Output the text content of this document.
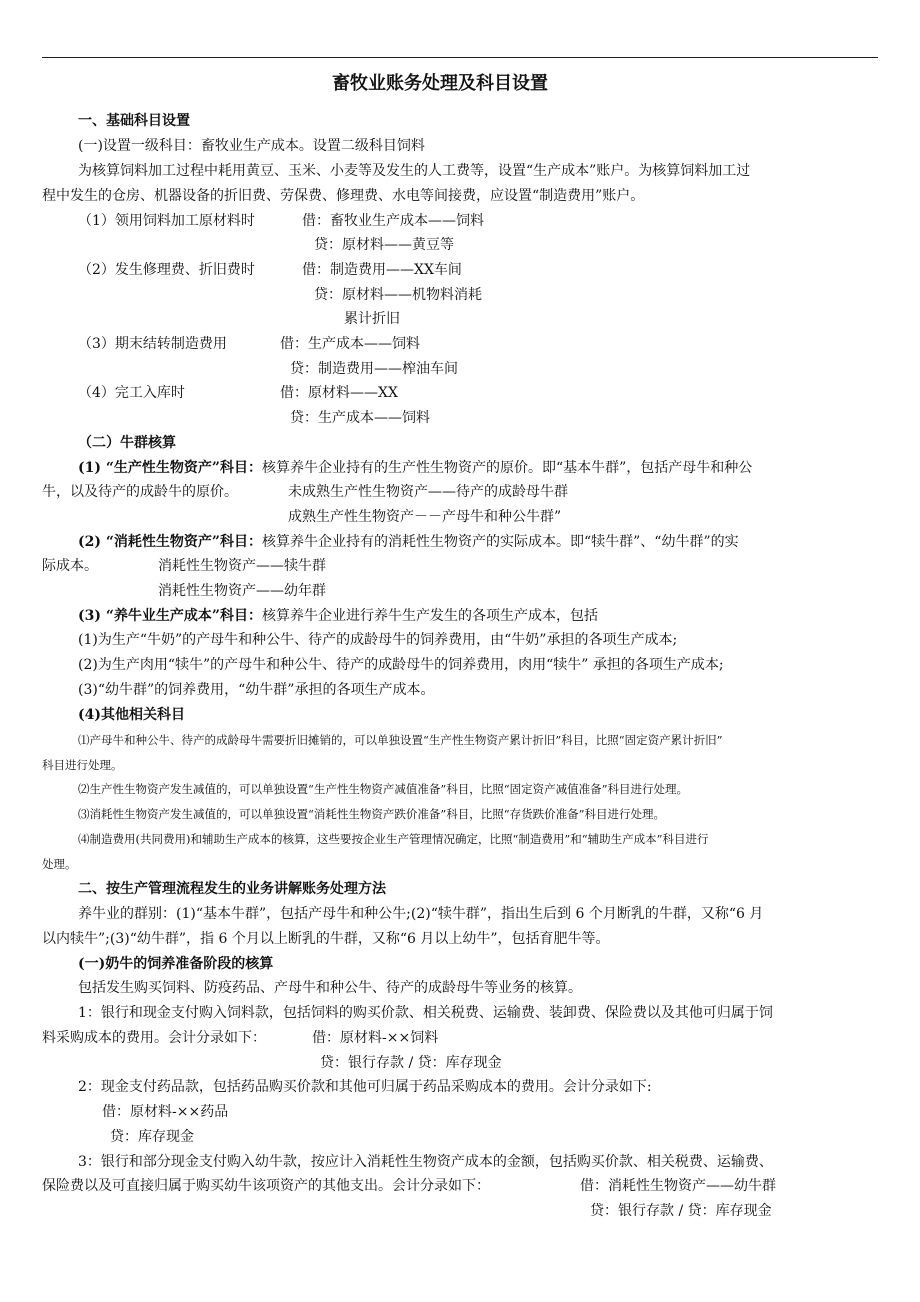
畜牧业账务处理及科目设置
一、基础科目设置
(一)设置一级科目：畜牧业生产成本。设置二级科目饲料
为核算饲料加工过程中耗用黄豆、玉米、小麦等及发生的人工费等，设置“生产成本”账户。为核算饲料加工过
程中发生的仓房、机器设备的折旧费、劳保费、修理费、水电等间接费，应设置“制造费用”账户。
（1）领用饲料加工原材料时	借：畜牧业生产成本——饲料
贷：原材料——黄豆等
（2）发生修理费、折旧费时	借：制造费用——XX车间
贷：原材料——机物料消耗
累计折旧
（3）期末结转制造费用	借：生产成本——饲料
贷：制造费用——榨油车间
（4）完工入库时	借：原材料——XX
贷：生产成本——饲料
（二）牛群核算
(1) “生产性生物资产”科目：核算养牛企业持有的生产性生物资产的原价。即“基本牛群”，包括产母牛和种公
牛，以及待产的成龄牛的原价。	未成熟生产性生物资产——待产的成龄母牛群
成熟生产性生物资产－－产母牛和种公牛群”
(2) “消耗性生物资产”科目：核算养牛企业持有的消耗性生物资产的实际成本。即“犊牛群”、“幼牛群”的实
际成本。	消耗性生物资产——犊牛群
消耗性生物资产——幼年群
(3) “养牛业生产成本”科目：核算养牛企业进行养牛生产发生的各项生产成本，包括
(1)为生产“牛奶”的产母牛和种公牛、待产的成龄母牛的饲养费用，由“牛奶”承担的各项生产成本;
(2)为生产肉用“犊牛”的产母牛和种公牛、待产的成龄母牛的饲养费用，肉用“犊牛” 承担的各项生产成本;
(3)“幼牛群”的饲养费用，“幼牛群”承担的各项生产成本。
(4)其他相关科目
⑴产母牛和种公牛、待产的成龄母牛需要折旧摊销的，可以单独设置“生产性生物资产累计折旧”科目，比照“固定资产累计折旧”
科目进行处理。
⑵生产性生物资产发生减值的，可以单独设置“生产性生物资产减值准备”科目，比照“固定资产减值准备”科目进行处理。
⑶消耗性生物资产发生减值的，可以单独设置“消耗性生物资产跌价准备”科目，比照“存货跌价准备”科目进行处理。
⑷制造费用(共同费用)和辅助生产成本的核算，这些要按企业生产管理情况确定，比照“制造费用”和“辅助生产成本”科目进行
处理。
二、按生产管理流程发生的业务讲解账务处理方法
养牛业的群别：(1)“基本牛群”，包括产母牛和种公牛;(2)“犊牛群”，指出生后到 6 个月断乳的牛群，又称“6 月
以内犊牛”;(3)“幼牛群”，指 6 个月以上断乳的牛群，又称“6 月以上幼牛”，包括育肥牛等。
(一)奶牛的饲养准备阶段的核算
包括发生购买饲料、防疫药品、产母牛和种公牛、待产的成龄母牛等业务的核算。
1：银行和现金支付购入饲料款，包括饲料的购买价款、相关税费、运输费、装卸费、保险费以及其他可归属于饲
料采购成本的费用。会计分录如下：	借：原材料-××饲料
贷：银行存款 / 贷：库存现金
2：现金支付药品款，包括药品购买价款和其他可归属于药品采购成本的费用。会计分录如下:
借：原材料-××药品
贷：库存现金
3：银行和部分现金支付购入幼牛款，按应计入消耗性生物资产成本的金额，包括购买价款、相关税费、运输费、
保险费以及可直接归属于购买幼牛该项资产的其他支出。会计分录如下：	借：消耗性生物资产——幼牛群
贷：银行存款 / 贷：库存现金
